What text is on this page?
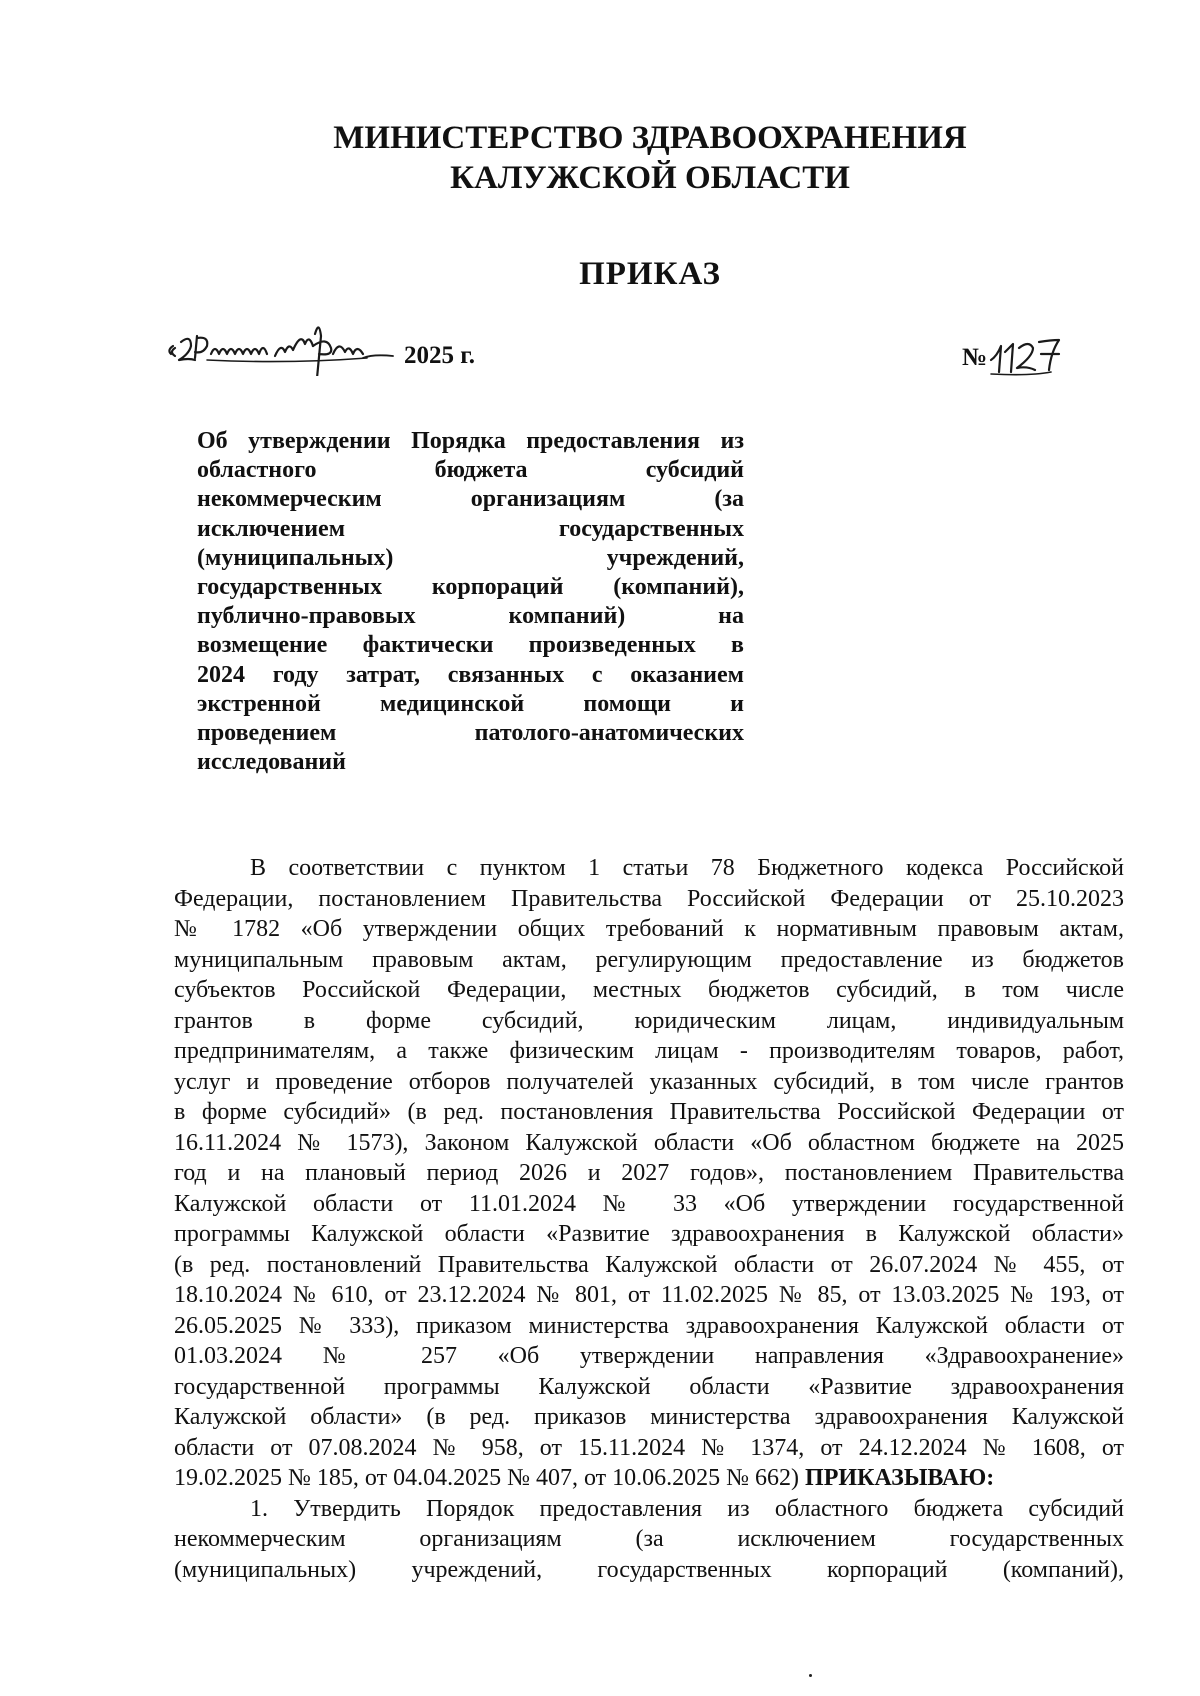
МИНИСТЕРСТВО ЗДРАВООХРАНЕНИЯ
КАЛУЖСКОЙ ОБЛАСТИ
ПРИКАЗ
2025 г.	№
Об утверждении Порядка предоставления из
областного бюджета субсидий
некоммерческим организациям (за
исключением государственных
(муниципальных) учреждений,
государственных корпораций (компаний),
публично-правовых компаний) на
возмещение фактически произведенных в
2024 году затрат, связанных с оказанием
экстренной медицинской помощи и
проведением патолого-анатомических
исследований
В соответствии с пунктом 1 статьи 78 Бюджетного кодекса Российской
Федерации, постановлением Правительства Российской Федерации от 25.10.2023
№ 1782 «Об утверждении общих требований к нормативным правовым актам,
муниципальным правовым актам, регулирующим предоставление из бюджетов
субъектов Российской Федерации, местных бюджетов субсидий, в том числе
грантов в форме субсидий, юридическим лицам, индивидуальным
предпринимателям, а также физическим лицам - производителям товаров, работ,
услуг и проведение отборов получателей указанных субсидий, в том числе грантов
в форме субсидий» (в ред. постановления Правительства Российской Федерации от
16.11.2024 № 1573), Законом Калужской области «Об областном бюджете на 2025
год и на плановый период 2026 и 2027 годов», постановлением Правительства
Калужской области от 11.01.2024 № 33 «Об утверждении государственной
программы Калужской области «Развитие здравоохранения в Калужской области»
(в ред. постановлений Правительства Калужской области от 26.07.2024 № 455, от
18.10.2024 № 610, от 23.12.2024 № 801, от 11.02.2025 № 85, от 13.03.2025 № 193, от
26.05.2025 № 333), приказом министерства здравоохранения Калужской области от
01.03.2024 № 257 «Об утверждении направления «Здравоохранение»
государственной программы Калужской области «Развитие здравоохранения
Калужской области» (в ред. приказов министерства здравоохранения Калужской
области от 07.08.2024 № 958, от 15.11.2024 № 1374, от 24.12.2024 № 1608, от
19.02.2025 № 185, от 04.04.2025 № 407, от 10.06.2025 № 662) ПРИКАЗЫВАЮ:
1. Утвердить Порядок предоставления из областного бюджета субсидий
некоммерческим организациям (за исключением государственных
(муниципальных) учреждений, государственных корпораций (компаний),
